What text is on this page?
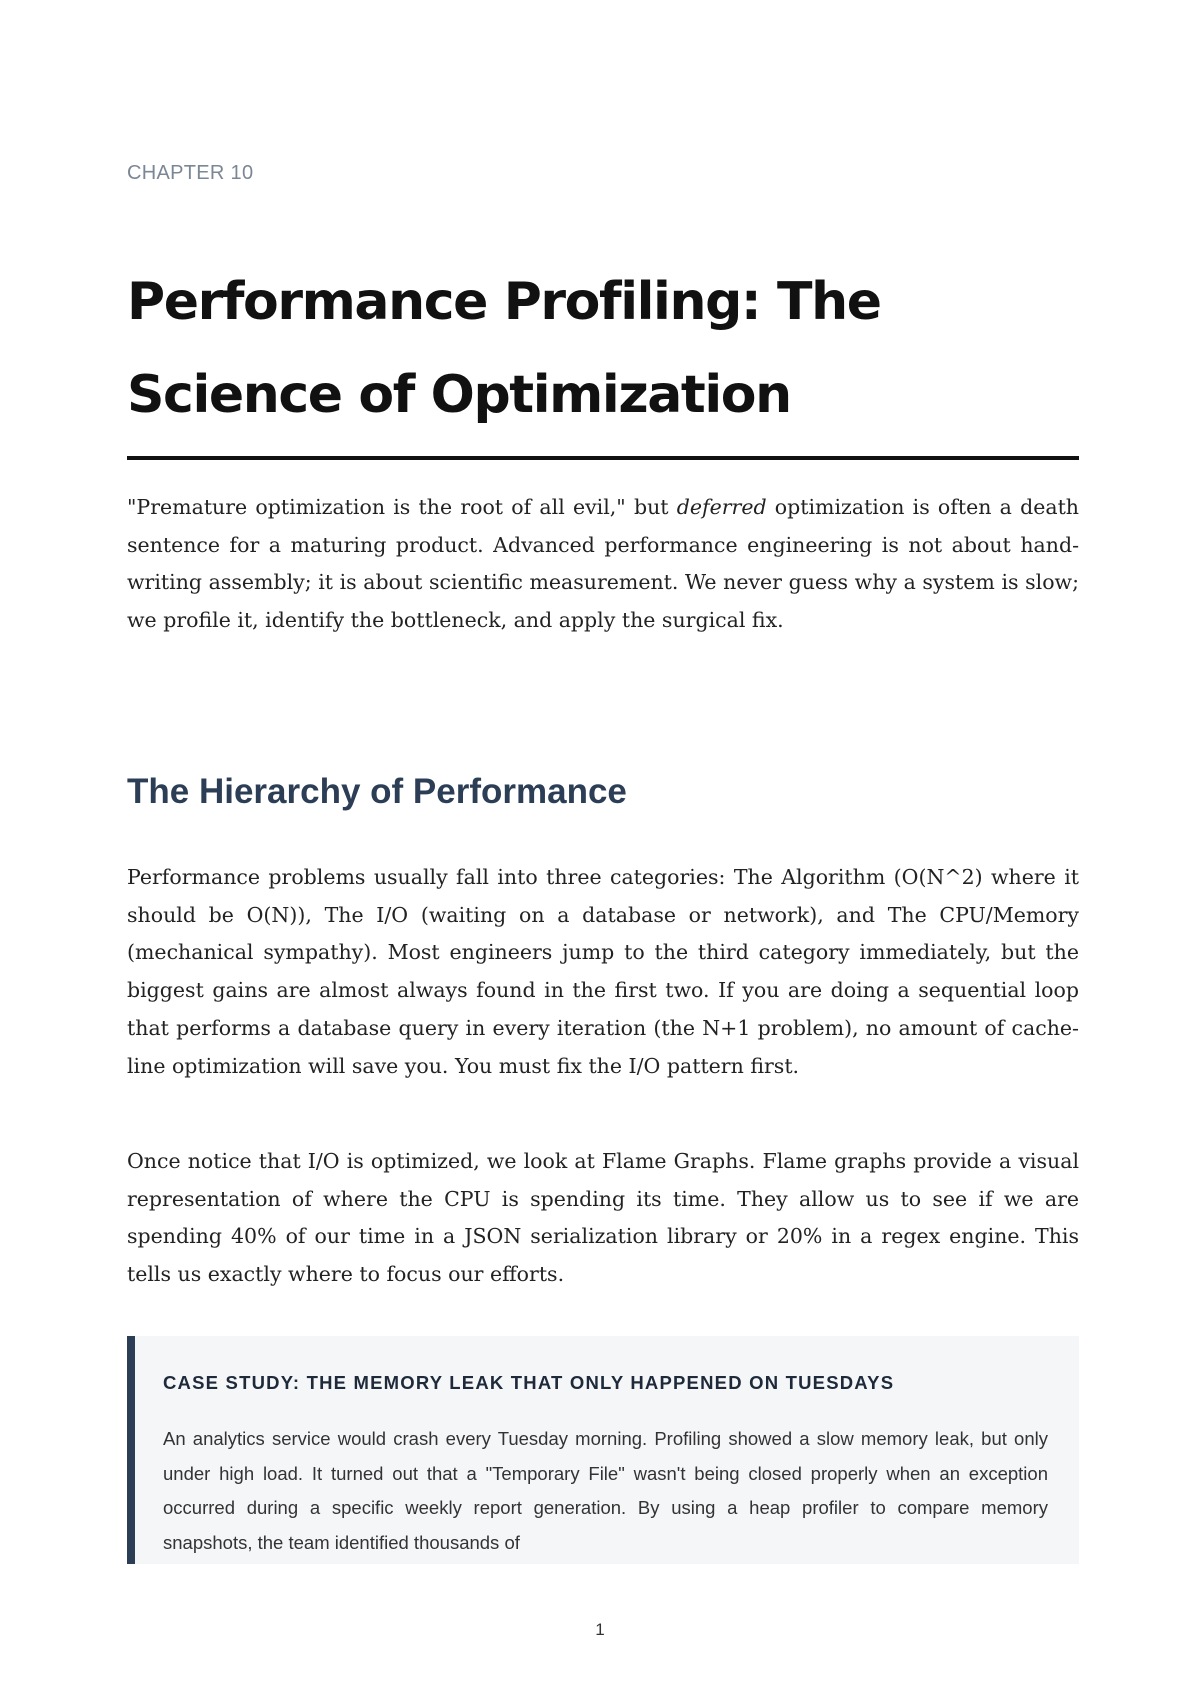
CHAPTER 10

Performance Profiling: The Science of Optimization

"Premature optimization is the root of all evil," but deferred optimization is often a death sentence for a maturing product. Advanced performance engineering is not about hand-writing assembly; it is about scientific measurement. We never guess why a system is slow; we profile it, identify the bottleneck, and apply the surgical fix.

The Hierarchy of Performance

Performance problems usually fall into three categories: The Algorithm (O(N^2) where it should be O(N)), The I/O (waiting on a database or network), and The CPU/Memory (mechanical sympathy). Most engineers jump to the third category immediately, but the biggest gains are almost always found in the first two. If you are doing a sequential loop that performs a database query in every iteration (the N+1 problem), no amount of cache-line optimization will save you. You must fix the I/O pattern first.

Once notice that I/O is optimized, we look at Flame Graphs. Flame graphs provide a visual representation of where the CPU is spending its time. They allow us to see if we are spending 40% of our time in a JSON serialization library or 20% in a regex engine. This tells us exactly where to focus our efforts.

CASE STUDY: THE MEMORY LEAK THAT ONLY HAPPENED ON TUESDAYS

An analytics service would crash every Tuesday morning. Profiling showed a slow memory leak, but only under high load. It turned out that a "Temporary File" wasn't being closed properly when an exception occurred during a specific weekly report generation. By using a heap profiler to compare memory snapshots, the team identified thousands of

1
